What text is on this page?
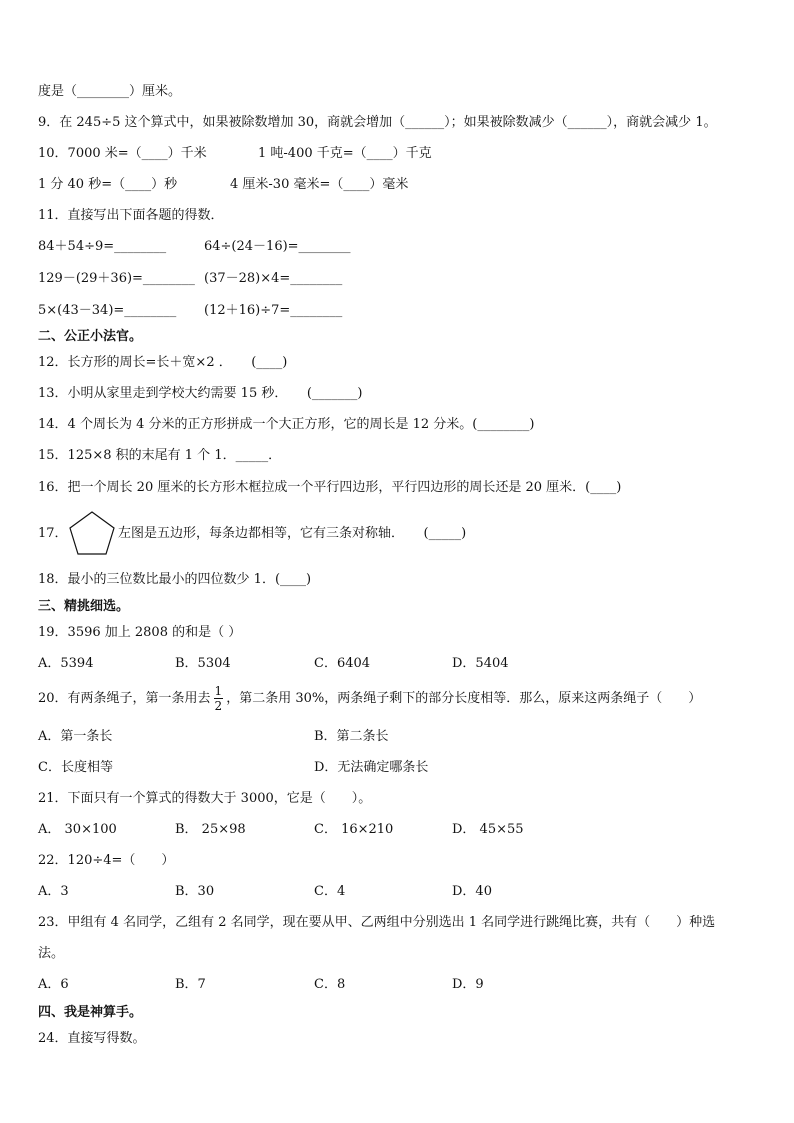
度是（________）厘米。
9．在 245÷5 这个算式中，如果被除数增加 30，商就会增加（______）；如果被除数减少（______），商就会减少 1。
10．7000 米=（____）千米	1 吨-400 千克=（____）千克
1 分 40 秒=（____）秒	4 厘米-30 毫米=（____）毫米
11．直接写出下面各题的得数．
84＋54÷9=________	64÷(24－16)=________
129－(29＋36)=________ (37－28)×4=________
5×(43－34)=________ (12＋16)÷7=________
二、公正小法官。
12．长方形的周长=长＋宽×2 ．　　(____)
13．小明从家里走到学校大约需要 15 秒．　　(_______)
14．4 个周长为 4 分米的正方形拼成一个大正方形，它的周长是 12 分米。(________)
15．125×8 积的末尾有 1 个 1．_____．
16．把一个周长 20 厘米的长方形木框拉成一个平行四边形，平行四边形的周长还是 20 厘米．(____)
17．	左图是五边形，每条边都相等，它有三条对称轴．　　(_____)
18．最小的三位数比最小的四位数少 1．(____)
三、精挑细选。
19．3596 加上 2808 的和是（ ）
A．5394	B．5304	C．6404	D．5404
20．有两条绳子，第一条用去 $\frac{1}{2}$ ，第二条用 30%，两条绳子剩下的部分长度相等．那么，原来这两条绳子（　　）
A．第一条长	B．第二条长
C．长度相等	D．无法确定哪条长
21．下面只有一个算式的得数大于 3000，它是（　　）。
A． 30×100	B． 25×98	C． 16×210	D． 45×55
22．120÷4=（　　）
A．3	B．30	C．4	D．40
23．甲组有 4 名同学，乙组有 2 名同学，现在要从甲、乙两组中分别选出 1 名同学进行跳绳比赛，共有（　　）种选
法。
A．6	B．7	C．8	D．9
四、我是神算手。
24．直接写得数。
